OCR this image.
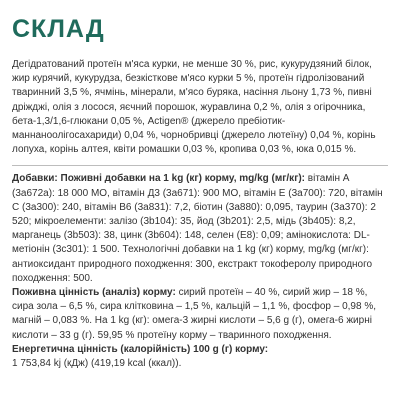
СКЛАД

Дегідратований протеїн м'яса курки, не менше 30 %, рис, кукурудзяний білок, жир курячий, кукурудза, безкісткове м'ясо курки 5 %, протеїн гідролізований тваринний 3,5 %, ячмінь, мінерали, м'ясо буряка, насіння льону 1,73 %, пивні дріжджі, олія з лосося, яєчний порошок, журавлина 0,2 %, олія з огірочника, бета-1,3/1,6-глюкани 0,05 %, Actigen® (джерело пребіотик- маннаноолігосахариди) 0,04 %, чорнобривці (джерело лютеїну) 0,04 %, корінь лопуха, корінь алтея, квіти ромашки 0,03 %, кропива 0,03 %, юка 0,015 %.

Добавки: Поживні добавки на 1 kg (кг) корму, mg/kg (мг/кг): вітамін А (3а672а): 18 000 МО, вітамін Д3 (3а671): 900 МО, вітамін Е (3а700): 720, вітамін С (3а300): 240, вітамін В6 (3а831): 7,2, біотин (3а880): 0,095, таурин (3а370): 2 520; мікроелементи: залізо (3b104): 35, йод (3b201): 2,5, мідь (3b405): 8,2, марганець (3b503): 38, цинк (3b604): 148, селен (E8): 0,09; амінокислота: DL-метіонін (3c301): 1 500. Технологічні добавки на 1 kg (кг) корму, mg/kg (мг/кг): антиоксидант природного походження: 300, екстракт токоферолу природного походження: 500.

Поживна цінність (аналіз) корму: сирий протеїн – 40 %, сирий жир – 18 %, сира зола – 6,5 %, сира клітковина – 1,5 %, кальцій – 1,1 %, фосфор – 0,98 %, магній – 0,083 %. На 1 kg (кг): омега-3 жирні кислоти – 5,6 g (г), омега-6 жирні кислоти – 33 g (г). 59,95 % протеїну корму – тваринного походження.

Енергетична цінність (калорійність) 100 g (г) корму:
1 753,84 kj (кДж) (419,19 kcal (ккал)).
